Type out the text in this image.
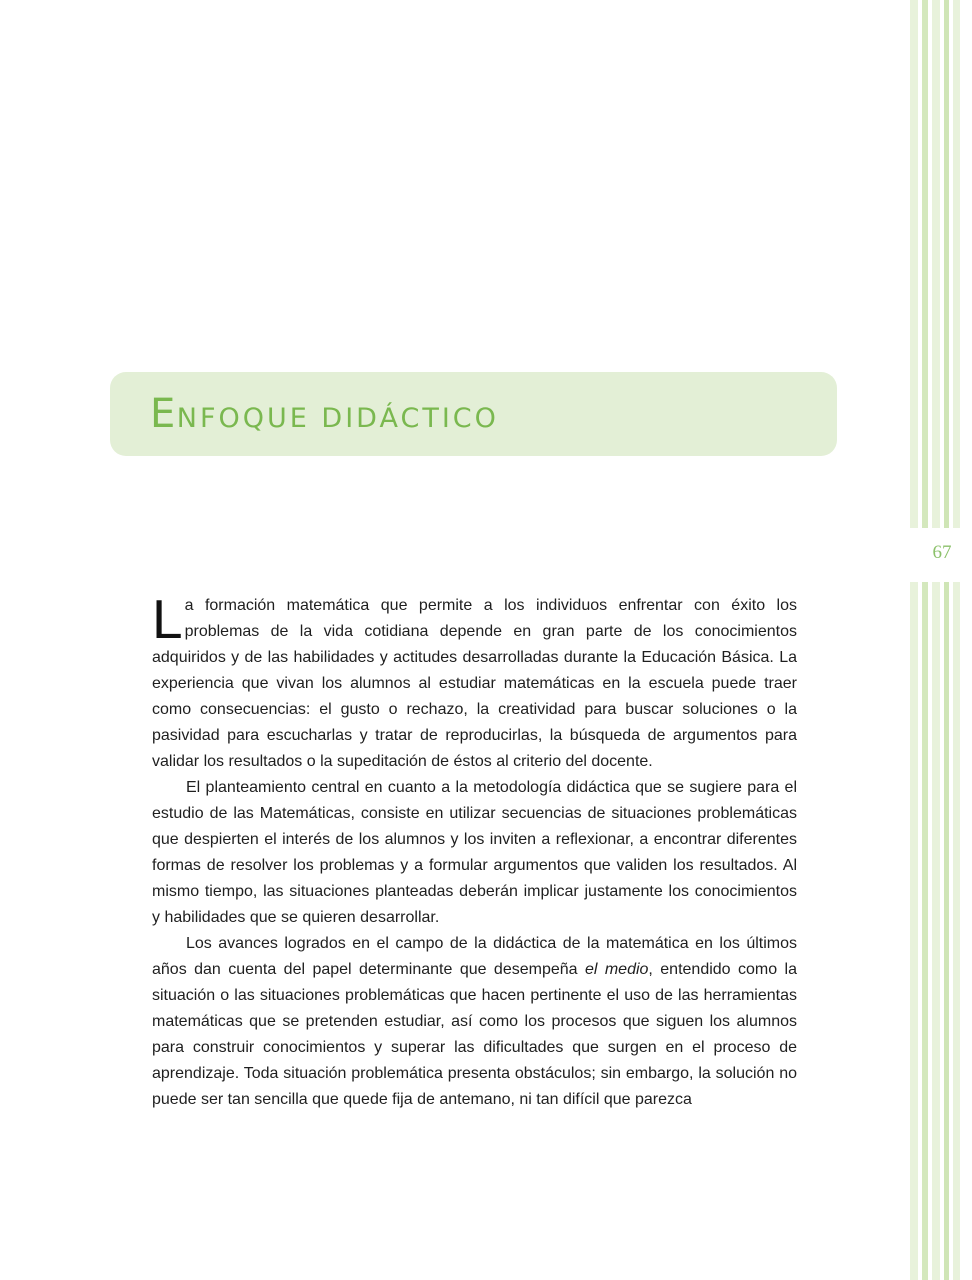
67
ENFOQUE DIDÁCTICO

La formación matemática que permite a los individuos enfrentar con éxito los problemas de la vida cotidiana depende en gran parte de los conocimientos adquiridos y de las habilidades y actitudes desarrolladas durante la Educación Básica. La experiencia que vivan los alumnos al estudiar matemáticas en la escuela puede traer como consecuencias: el gusto o rechazo, la creatividad para buscar soluciones o la pasividad para escucharlas y tratar de reproducirlas, la búsqueda de argumentos para validar los resultados o la supeditación de éstos al criterio del docente.

El planteamiento central en cuanto a la metodología didáctica que se sugiere para el estudio de las Matemáticas, consiste en utilizar secuencias de situaciones problemáticas que despierten el interés de los alumnos y los inviten a reflexionar, a encontrar diferentes formas de resolver los problemas y a formular argumentos que validen los resultados. Al mismo tiempo, las situaciones planteadas deberán implicar justamente los conocimientos y habilidades que se quieren desarrollar.

Los avances logrados en el campo de la didáctica de la matemática en los últimos años dan cuenta del papel determinante que desempeña el medio, entendido como la situación o las situaciones problemáticas que hacen pertinente el uso de las herramientas matemáticas que se pretenden estudiar, así como los procesos que siguen los alumnos para construir conocimientos y superar las dificultades que surgen en el proceso de aprendizaje. Toda situación problemática presenta obstáculos; sin embargo, la solución no puede ser tan sencilla que quede fija de antemano, ni tan difícil que parezca
